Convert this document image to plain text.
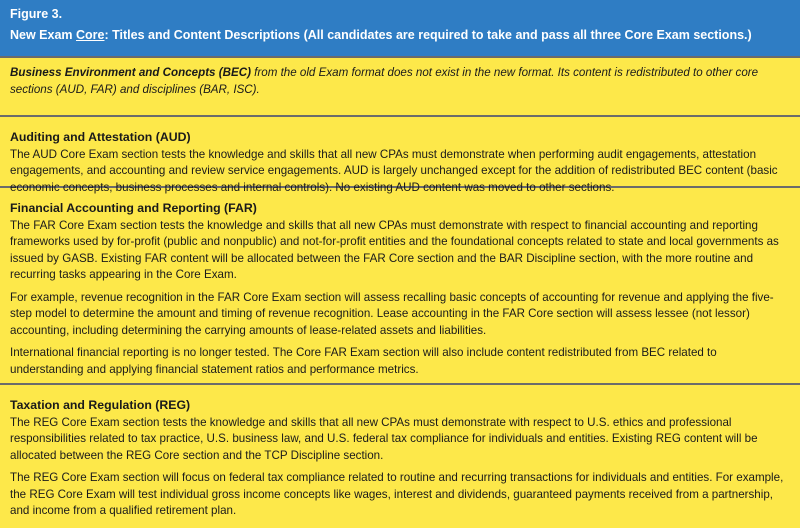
Figure 3.
New Exam Core: Titles and Content Descriptions (All candidates are required to take and pass all three Core Exam sections.)
Business Environment and Concepts (BEC) from the old Exam format does not exist in the new format. Its content is redistributed to other core sections (AUD, FAR) and disciplines (BAR, ISC).
Auditing and Attestation (AUD)

The AUD Core Exam section tests the knowledge and skills that all new CPAs must demonstrate when performing audit engagements, attestation engagements, and accounting and review service engagements. AUD is largely unchanged except for the addition of redistributed BEC content (basic economic concepts, business processes and internal controls). No existing AUD content was moved to other sections.

Financial Accounting and Reporting (FAR)

The FAR Core Exam section tests the knowledge and skills that all new CPAs must demonstrate with respect to financial accounting and reporting frameworks used by for-profit (public and nonpublic) and not-for-profit entities and the foundational concepts related to state and local governments as issued by GASB. Existing FAR content will be allocated between the FAR Core section and the BAR Discipline section, with the more routine and recurring tasks appearing in the Core Exam.

For example, revenue recognition in the FAR Core Exam section will assess recalling basic concepts of accounting for revenue and applying the five-step model to determine the amount and timing of revenue recognition. Lease accounting in the FAR Core section will assess lessee (not lessor) accounting, including determining the carrying amounts of lease-related assets and liabilities.

International financial reporting is no longer tested. The Core FAR Exam section will also include content redistributed from BEC related to understanding and applying financial statement ratios and performance metrics.

Taxation and Regulation (REG)

The REG Core Exam section tests the knowledge and skills that all new CPAs must demonstrate with respect to U.S. ethics and professional responsibilities related to tax practice, U.S. business law, and U.S. federal tax compliance for individuals and entities. Existing REG content will be allocated between the REG Core section and the TCP Discipline section.

The REG Core Exam section will focus on federal tax compliance related to routine and recurring transactions for individuals and entities. For example, the REG Core Exam will test individual gross income concepts like wages, interest and dividends, guaranteed payments received from a partnership, and income from a qualified retirement plan.
